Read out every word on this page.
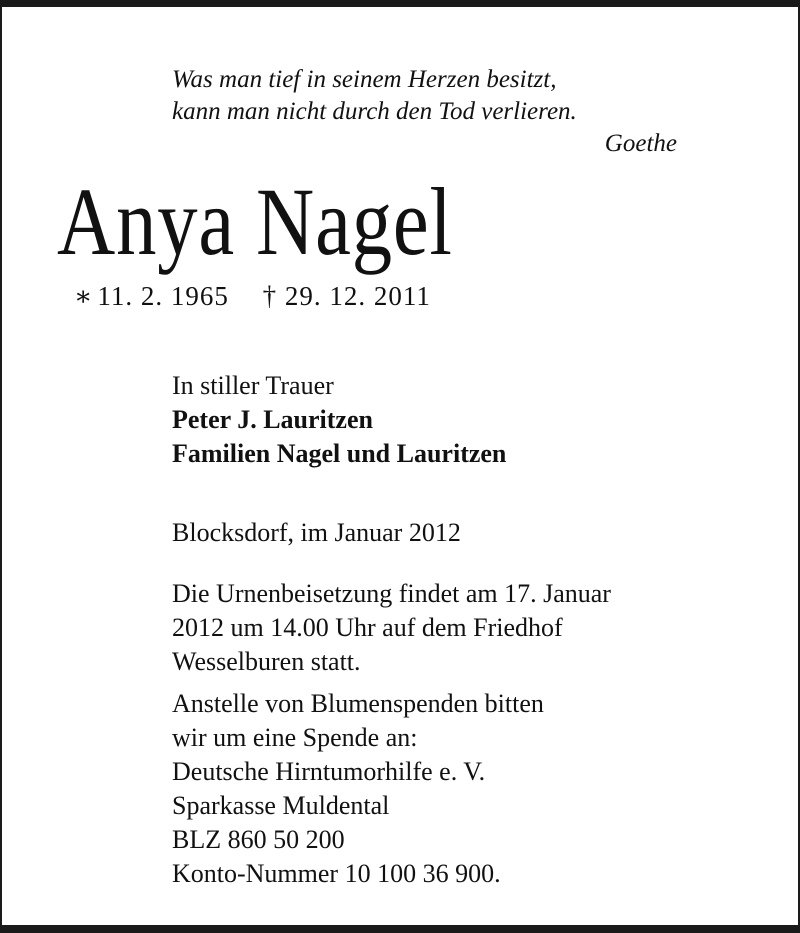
Was man tief in seinem Herzen besitzt,
kann man nicht durch den Tod verlieren.
Goethe
Anya Nagel
∗ 11. 2. 1965 † 29. 12. 2011
In stiller Trauer
Peter J. Lauritzen
Familien Nagel und Lauritzen
Blocksdorf, im Januar 2012
Die Urnenbeisetzung findet am 17. Januar
2012 um 14.00 Uhr auf dem Friedhof
Wesselburen statt.
Anstelle von Blumenspenden bitten
wir um eine Spende an:
Deutsche Hirntumorhilfe e. V.
Sparkasse Muldental
BLZ 860 50 200
Konto-Nummer 10 100 36 900.
